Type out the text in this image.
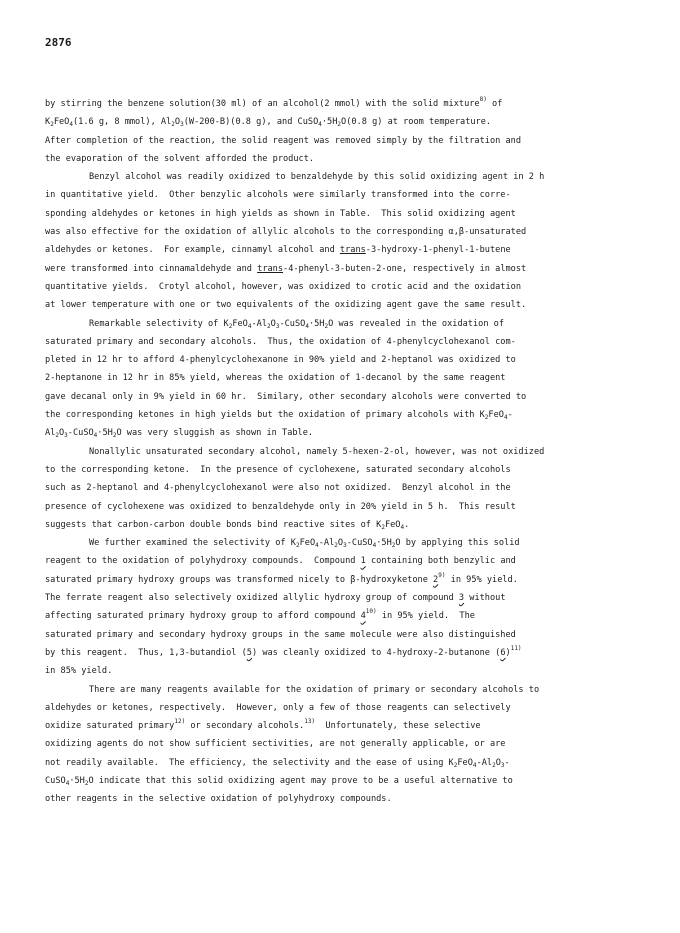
2876
by stirring the benzene solution(30 ml) of an alcohol(2 mmol) with the solid mixture$^{8)}$ of
$K_2FeO_4(1.6$ g, 8 mmol), $Al_2O_3(W-200-B)(0.8$ g), and $CuSO_4\cdot 5H_2O(0.8$ g) at room temperature.
After completion of the reaction, the solid reagent was removed simply by the filtration and
the evaporation of the solvent afforded the product.
Benzyl alcohol was readily oxidized to benzaldehyde by this solid oxidizing agent in 2 h
in quantitative yield.  Other benzylic alcohols were similarly transformed into the corre-
sponding aldehydes or ketones in high yields as shown in Table.  This solid oxidizing agent
was also effective for the oxidation of allylic alcohols to the corresponding α,β-unsaturated
aldehydes or ketones.  For example, cinnamyl alcohol and trans-3-hydroxy-1-phenyl-1-butene
were transformed into cinnamaldehyde and trans-4-phenyl-3-buten-2-one, respectively in almost
quantitative yields.  Crotyl alcohol, however, was oxidized to crotic acid and the oxidation
at lower temperature with one or two equivalents of the oxidizing agent gave the same result.
Remarkable selectivity of $K_2FeO_4-Al_2O_3-CuSO_4\cdot 5H_2O$ was revealed in the oxidation of
saturated primary and secondary alcohols.  Thus, the oxidation of 4-phenylcyclohexanol com-
pleted in 12 hr to afford 4-phenylcyclohexanone in 90% yield and 2-heptanol was oxidized to
2-heptanone in 12 hr in 85% yield, whereas the oxidation of 1-decanol by the same reagent
gave decanal only in 9% yield in 60 hr.  Similary, other secondary alcohols were converted to
the corresponding ketones in high yields but the oxidation of primary alcohols with $K_2FeO_4-$
$Al_2O_3-CuSO_4\cdot 5H_2O$ was very sluggish as shown in Table.
Nonallylic unsaturated secondary alcohol, namely 5-hexen-2-ol, however, was not oxidized
to the corresponding ketone.  In the presence of cyclohexene, saturated secondary alcohols
such as 2-heptanol and 4-phenylcyclohexanol were also not oxidized.  Benzyl alcohol in the
presence of cyclohexene was oxidized to benzaldehyde only in 20% yield in 5 h.  This result
suggests that carbon-carbon double bonds bind reactive sites of $K_2FeO_4$.
We further examined the selectivity of $K_2FeO_4-Al_2O_3-CuSO_4\cdot 5H_2O$ by applying this solid
reagent to the oxidation of polyhydroxy compounds.  Compound 1 containing both benzylic and
saturated primary hydroxy groups was transformed nicely to β-hydroxyketone 2$^{9)}$ in 95% yield.
The ferrate reagent also selectively oxidized allylic hydroxy group of compound 3 without
affecting saturated primary hydroxy group to afford compound 4$^{10)}$ in 95% yield.  The
saturated primary and secondary hydroxy groups in the same molecule were also distinguished
by this reagent.  Thus, 1,3-butandiol (5) was cleanly oxidized to 4-hydroxy-2-butanone $(6)^{11)}$
in 85% yield.
There are many reagents available for the oxidation of primary or secondary alcohols to
aldehydes or ketones, respectively.  However, only a few of those reagents can selectively
oxidize saturated primary$^{12)}$ or secondary alcohols.$^{13)}$  Unfortunately, these selective
oxidizing agents do not show sufficient sectivities, are not generally applicable, or are
not readily available.  The efficiency, the selectivity and the ease of using $K_2FeO_4-Al_2O_3-$
$CuSO_4\cdot 5H_2O$ indicate that this solid oxidizing agent may prove to be a useful alternative to
other reagents in the selective oxidation of polyhydroxy compounds.
